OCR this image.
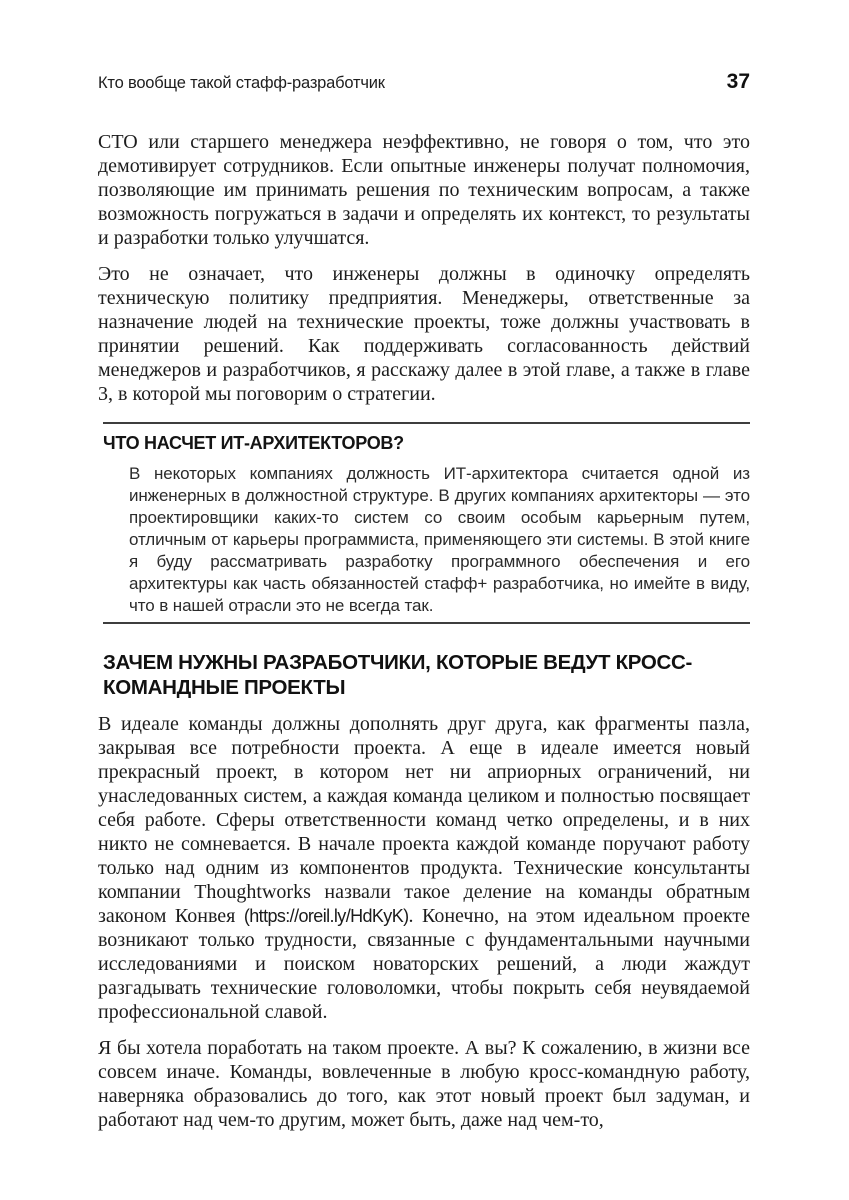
Кто вообще такой стафф-разработчик	37

СТО или старшего менеджера неэффективно, не говоря о том, что это демотивирует сотрудников. Если опытные инженеры получат полномочия, позволяющие им принимать решения по техническим вопросам, а также возможность погружаться в задачи и определять их контекст, то результаты и разработки только улучшатся.

Это не означает, что инженеры должны в одиночку определять техническую политику предприятия. Менеджеры, ответственные за назначение людей на технические проекты, тоже должны участвовать в принятии решений. Как поддерживать согласованность действий менеджеров и разработчиков, я расскажу далее в этой главе, а также в главе 3, в которой мы поговорим о стратегии.

ЧТО НАСЧЕТ ИТ-АРХИТЕКТОРОВ?
В некоторых компаниях должность ИТ-архитектора считается одной из инженерных в должностной структуре. В других компаниях архитекторы — это проектировщики каких-то систем со своим особым карьерным путем, отличным от карьеры программиста, применяющего эти системы. В этой книге я буду рассматривать разработку программного обеспечения и его архитектуры как часть обязанностей стафф+ разработчика, но имейте в виду, что в нашей отрасли это не всегда так.
ЗАЧЕМ НУЖНЫ РАЗРАБОТЧИКИ, КОТОРЫЕ ВЕДУТ КРОСС-КОМАНДНЫЕ ПРОЕКТЫ

В идеале команды должны дополнять друг друга, как фрагменты пазла, закрывая все потребности проекта. А еще в идеале имеется новый прекрасный проект, в котором нет ни априорных ограничений, ни унаследованных систем, а каждая команда целиком и полностью посвящает себя работе. Сферы ответственности команд четко определены, и в них никто не сомневается. В начале проекта каждой команде поручают работу только над одним из компонентов продукта. Технические консультанты компании Thoughtworks назвали такое деление на команды обратным законом Конвея (https://oreil.ly/HdKyK). Конечно, на этом идеальном проекте возникают только трудности, связанные с фундаментальными научными исследованиями и поиском новаторских решений, а люди жаждут разгадывать технические головоломки, чтобы покрыть себя неувядаемой профессиональной славой.

Я бы хотела поработать на таком проекте. А вы? К сожалению, в жизни все совсем иначе. Команды, вовлеченные в любую кросс-командную работу, наверняка образовались до того, как этот новый проект был задуман, и работают над чем-то другим, может быть, даже над чем-то,
